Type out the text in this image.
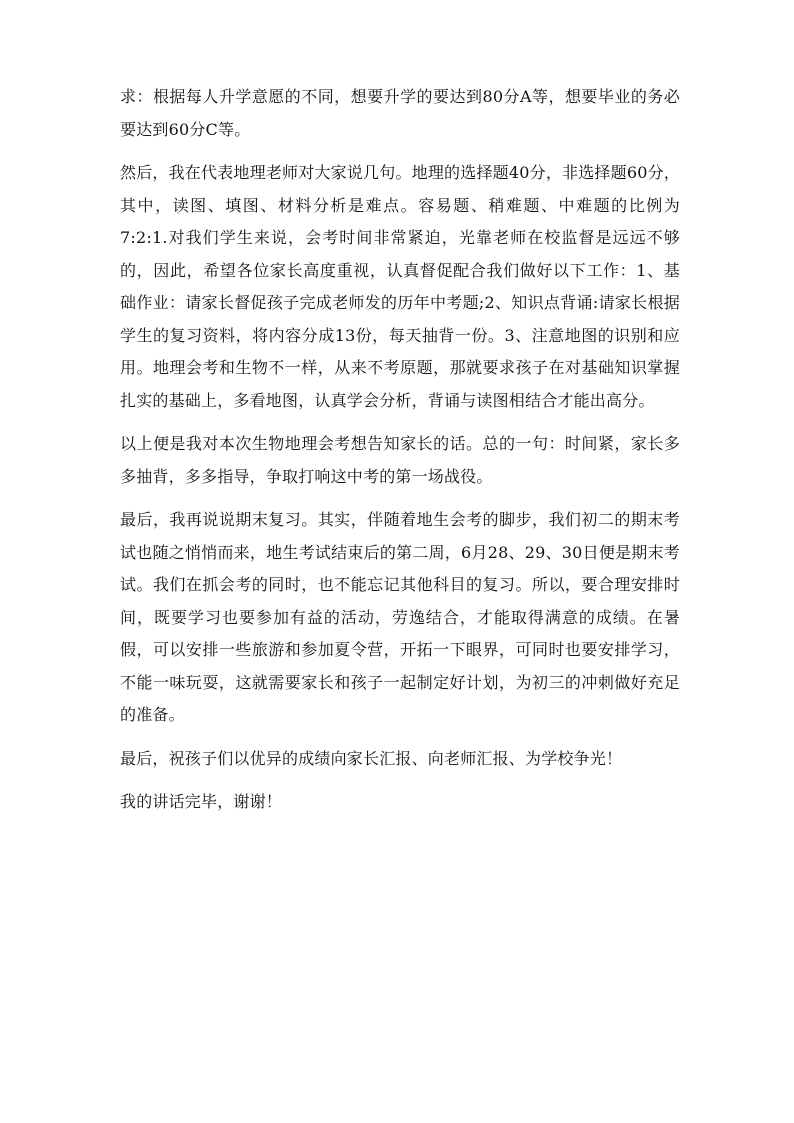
求：根据每人升学意愿的不同，想要升学的要达到80分A等，想要毕业的务必要达到60分C等。

然后，我在代表地理老师对大家说几句。地理的选择题40分，非选择题60分，其中，读图、填图、材料分析是难点。容易题、稍难题、中难题的比例为7:2:1.对我们学生来说，会考时间非常紧迫，光靠老师在校监督是远远不够的，因此，希望各位家长高度重视，认真督促配合我们做好以下工作：1、基础作业：请家长督促孩子完成老师发的历年中考题;2、知识点背诵:请家长根据学生的复习资料，将内容分成13份，每天抽背一份。3、注意地图的识别和应用。地理会考和生物不一样，从来不考原题，那就要求孩子在对基础知识掌握扎实的基础上，多看地图，认真学会分析，背诵与读图相结合才能出高分。

以上便是我对本次生物地理会考想告知家长的话。总的一句：时间紧，家长多多抽背，多多指导，争取打响这中考的第一场战役。

最后，我再说说期末复习。其实，伴随着地生会考的脚步，我们初二的期末考试也随之悄悄而来，地生考试结束后的第二周，6月28、29、30日便是期末考试。我们在抓会考的同时，也不能忘记其他科目的复习。所以，要合理安排时间，既要学习也要参加有益的活动，劳逸结合，才能取得满意的成绩。在暑假，可以安排一些旅游和参加夏令营，开拓一下眼界，可同时也要安排学习，不能一味玩耍，这就需要家长和孩子一起制定好计划，为初三的冲刺做好充足的准备。

最后，祝孩子们以优异的成绩向家长汇报、向老师汇报、为学校争光！

我的讲话完毕，谢谢！
